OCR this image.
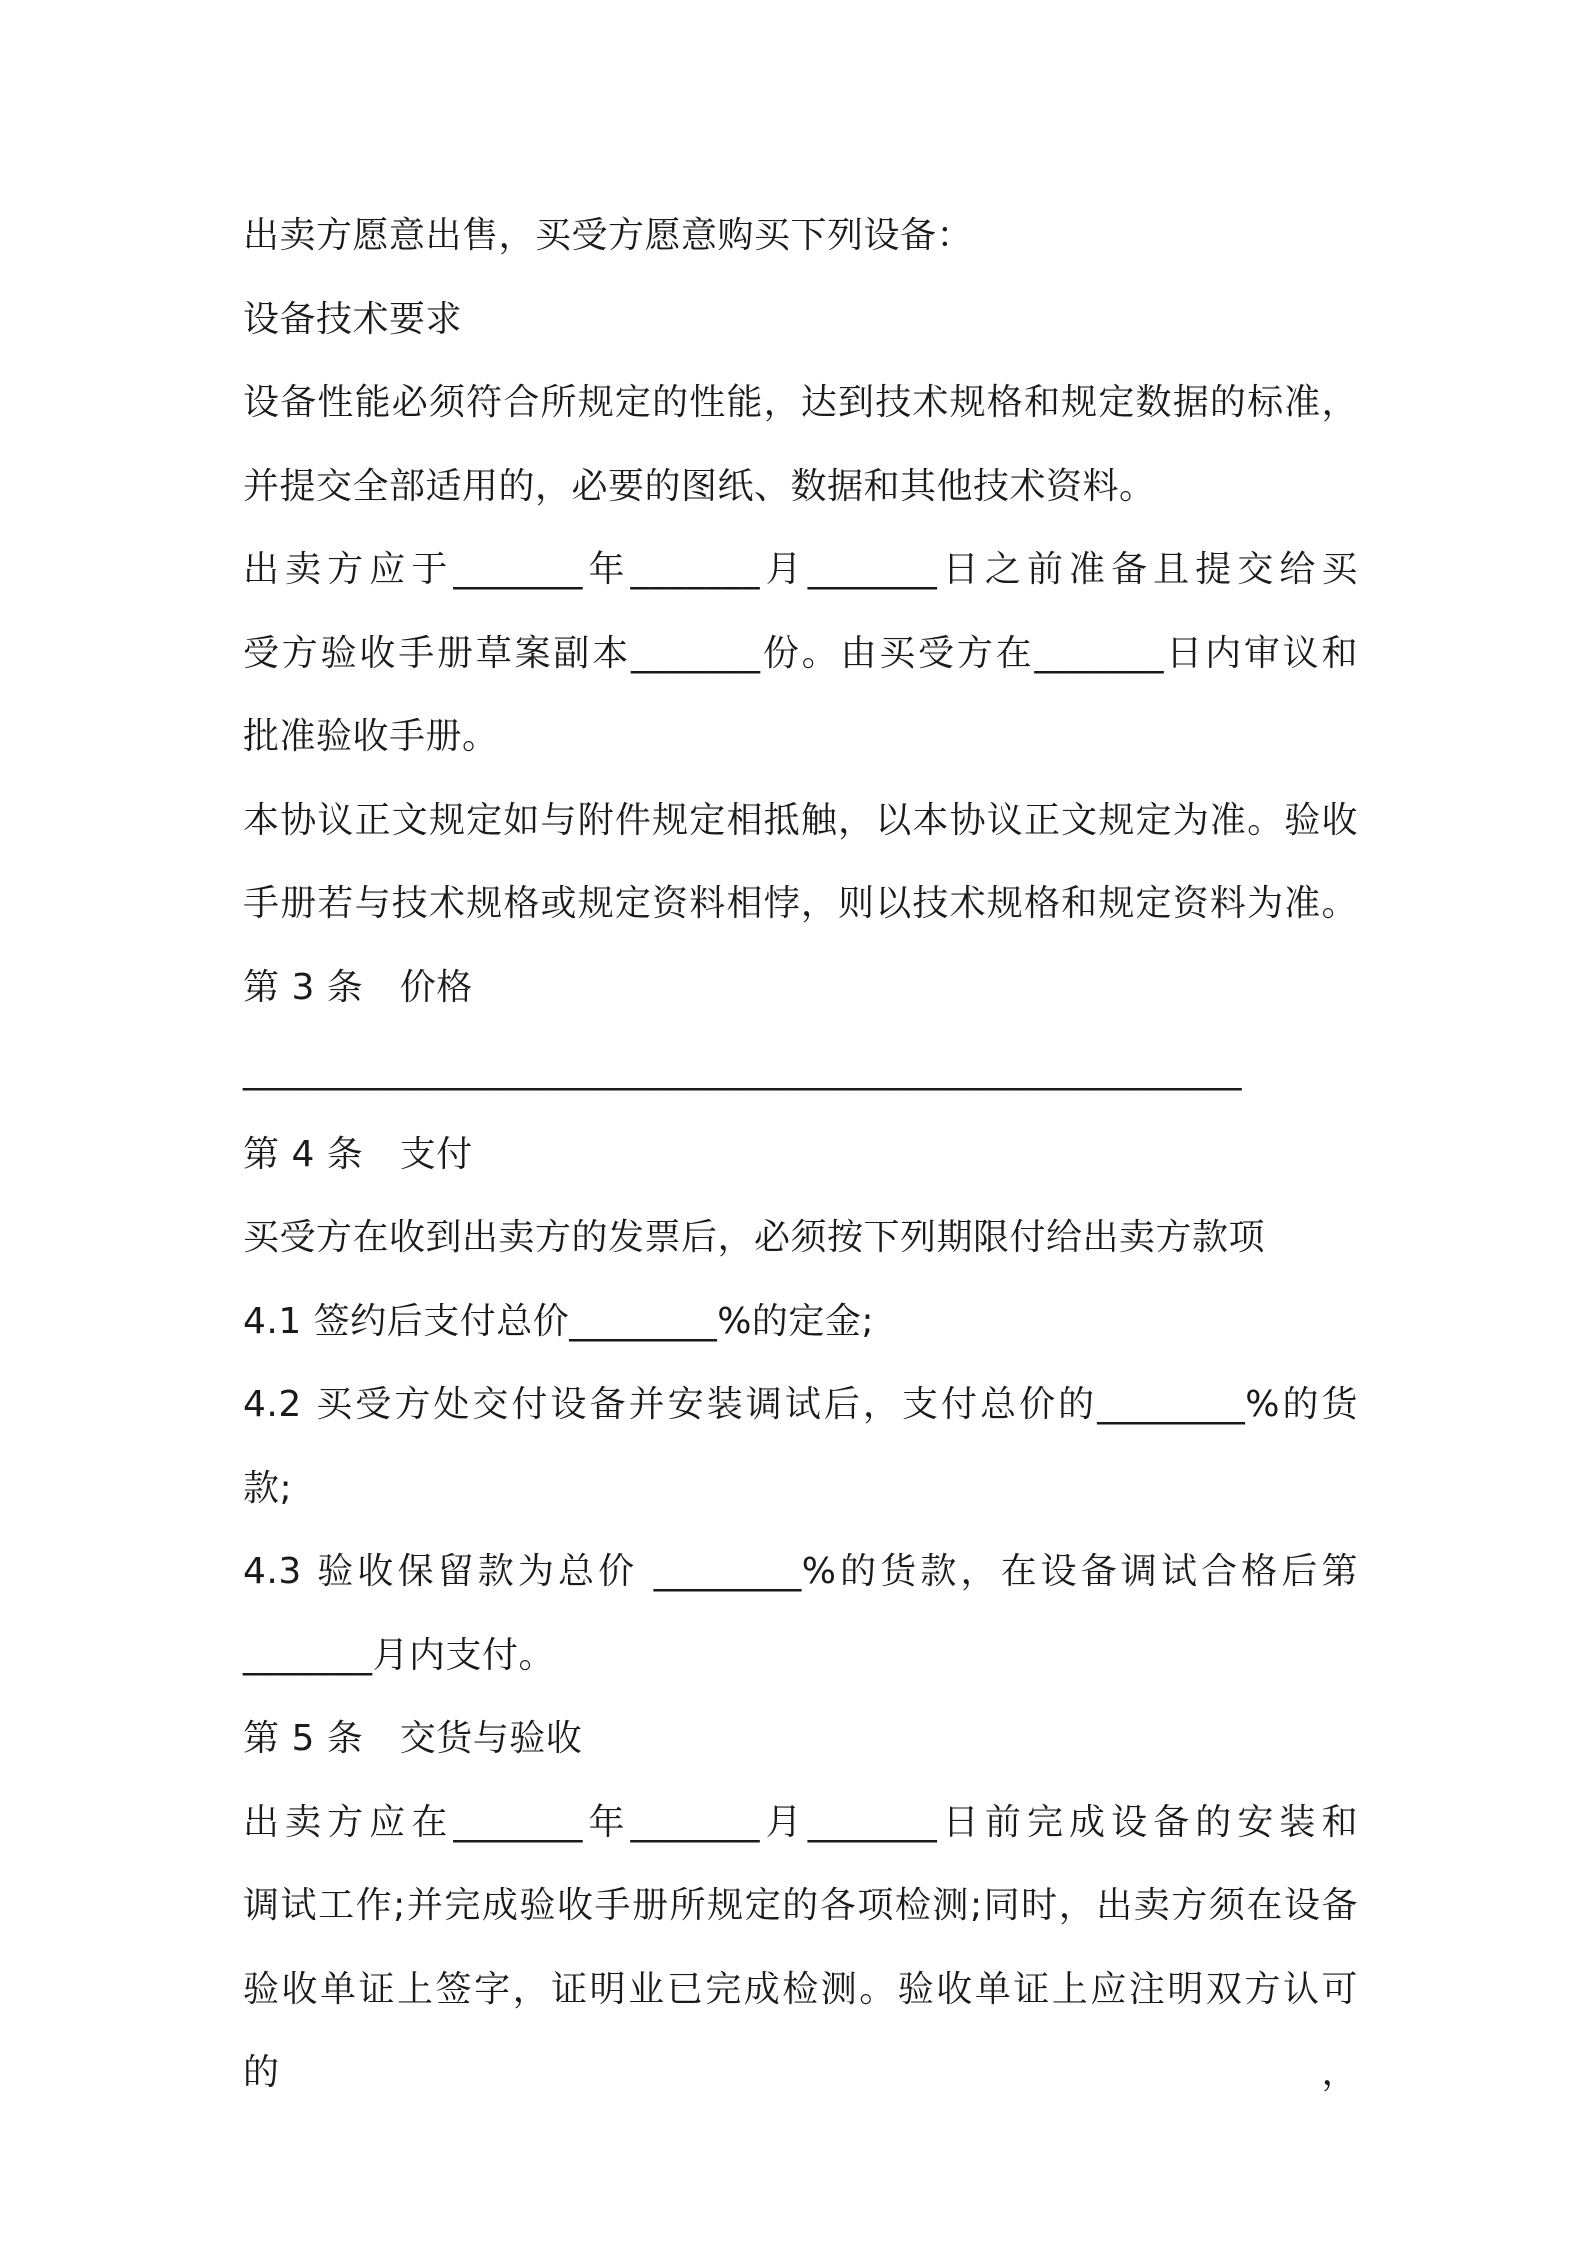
出卖方愿意出售，买受方愿意购买下列设备：
设备技术要求
设备性能必须符合所规定的性能，达到技术规格和规定数据的标准，
并提交全部适用的，必要的图纸、数据和其他技术资料。
出卖方应于_______年_______月_______日之前准备且提交给买
受方验收手册草案副本_______份。由买受方在_______日内审议和
批准验收手册。
本协议正文规定如与附件规定相抵触，以本协议正文规定为准。验收
手册若与技术规格或规定资料相悖，则以技术规格和规定资料为准。
第 3 条　价格
______________________________________________________
第 4 条　支付
买受方在收到出卖方的发票后，必须按下列期限付给出卖方款项
4.1 签约后支付总价________%的定金;
4.2 买受方处交付设备并安装调试后，支付总价的________%的货
款;
4.3 验收保留款为总价 ________%的货款，在设备调试合格后第
_______月内支付。
第 5 条　交货与验收
出卖方应在_______年_______月_______日前完成设备的安装和
调试工作;并完成验收手册所规定的各项检测;同时，出卖方须在设备
验收单证上签字，证明业已完成检测。验收单证上应注明双方认可的，
